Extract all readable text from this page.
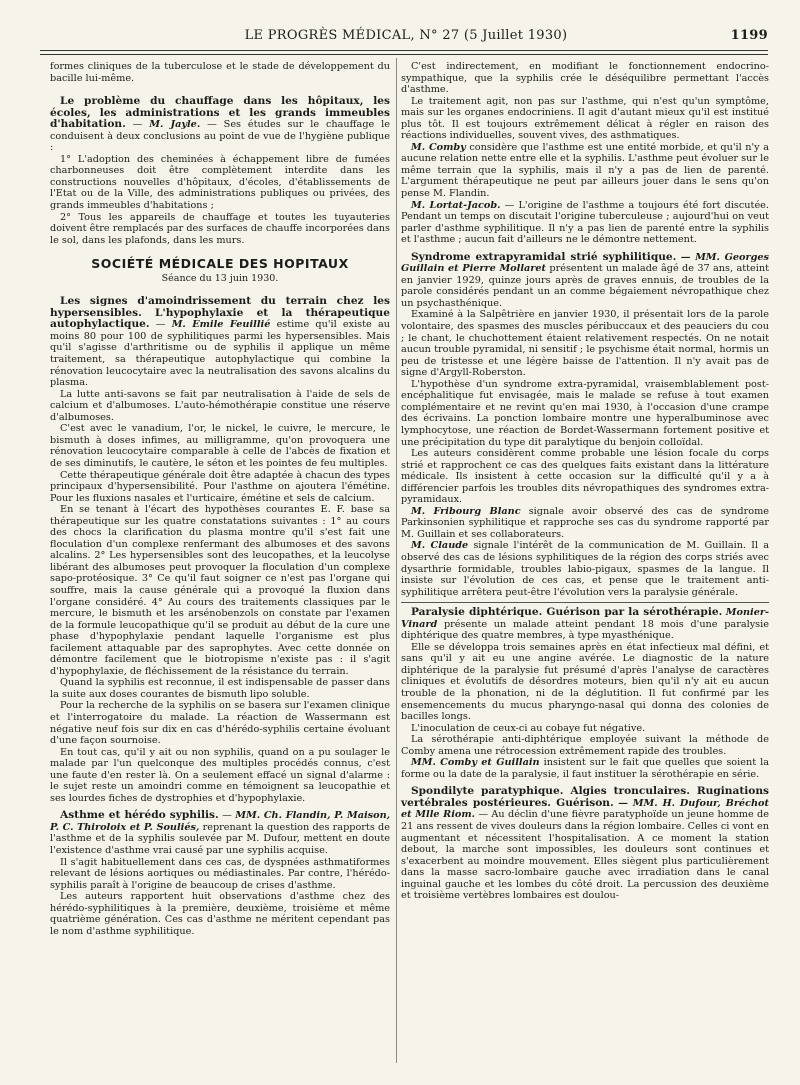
LE PROGRÈS MÉDICAL, N° 27 (5 Juillet 1930)	1199

formes cliniques de la tuberculose et le stade de développement du bacille lui-même.

Le problème du chauffage dans les hôpitaux, les écoles, les administrations et les grands immeubles d'habitation. — M. Jayle. — Ses études sur le chauffage le conduisent à deux conclusions au point de vue de l'hygiène publique :

1° L'adoption des cheminées à échappement libre de fumées charbonneuses doit être complètement interdite dans les constructions nouvelles d'hôpitaux, d'écoles, d'établissements de l'Etat ou de la Ville, des administrations publiques ou privées, des grands immeubles d'habitations ;

2° Tous les appareils de chauffage et toutes les tuyauteries doivent être remplacés par des surfaces de chauffe incorporées dans le sol, dans les plafonds, dans les murs.

SOCIÉTÉ MÉDICALE DES HOPITAUX
Séance du 13 juin 1930.

Les signes d'amoindrissement du terrain chez les hypersensibles. L'hypophylaxie et la thérapeutique autophylactique. — M. Emile Feuillié estime qu'il existe au moins 80 pour 100 de syphilitiques parmi les hypersensibles. Mais qu'il s'agisse d'arthritisme ou de syphilis il applique un même traitement, sa thérapeutique autophylactique qui combine la rénovation leucocytaire avec la neutralisation des savons alcalins du plasma.

La lutte anti-savons se fait par neutralisation à l'aide de sels de calcium et d'albumoses. L'auto-hémothérapie constitue une réserve d'albumoses.

C'est avec le vanadium, l'or, le nickel, le cuivre, le mercure, le bismuth à doses infimes, au milligramme, qu'on provoquera une rénovation leucocytaire comparable à celle de l'abcès de fixation et de ses diminutifs, le cautère, le séton et les pointes de feu multiples.

Cette thérapeutique générale doit être adaptée à chacun des types principaux d'hypersensibilité. Pour l'asthme on ajoutera l'émétine. Pour les fluxions nasales et l'urticaire, émétine et sels de calcium.

En se tenant à l'écart des hypothèses courantes E. F. base sa thérapeutique sur les quatre constatations suivantes : 1° au cours des chocs la clarification du plasma montre qu'il s'est fait une floculation d'un complexe renfermant des albumoses et des savons alcalins. 2° Les hypersensibles sont des leucopathes, et la leucolyse libérant des albumoses peut provoquer la floculation d'un complexe sapo-protéosique. 3° Ce qu'il faut soigner ce n'est pas l'organe qui souffre, mais la cause générale qui a provoqué la fluxion dans l'organe considéré. 4° Au cours des traitements classiques par le mercure, le bismuth et les arsénobenzols on constate par l'examen de la formule leucopathique qu'il se produit au début de la cure une phase d'hypophylaxie pendant laquelle l'organisme est plus facilement attaquable par des saprophytes. Avec cette donnée on démontre facilement que le biotropisme n'existe pas : il s'agit d'hypophylaxie, de fléchissement de la résistance du terrain.

Quand la syphilis est reconnue, il est indispensable de passer dans la suite aux doses courantes de bismuth lipo soluble.

Pour la recherche de la syphilis on se basera sur l'examen clinique et l'interrogatoire du malade. La réaction de Wassermann est négative neuf fois sur dix en cas d'hérédo-syphilis certaine évoluant d'une façon sournoise.

En tout cas, qu'il y ait ou non syphilis, quand on a pu soulager le malade par l'un quelconque des multiples procédés connus, c'est une faute d'en rester là. On a seulement effacé un signal d'alarme : le sujet reste un amoindri comme en témoignent sa leucopathie et ses lourdes fiches de dystrophies et d'hypophylaxie.

Asthme et hérédo syphilis. — MM. Ch. Flandin, P. Maison, P. C. Thiroloix et P. Souliés, reprenant la question des rapports de l'asthme et de la syphilis soulevée par M. Dufour, mettent en doute l'existence d'asthme vrai causé par une syphilis acquise.

Il s'agit habituellement dans ces cas, de dyspnées asthmatiformes relevant de lésions aortiques ou médiastinales. Par contre, l'hérédo-syphilis paraît à l'origine de beaucoup de crises d'asthme.

Les auteurs rapportent huit observations d'asthme chez des hérédo-syphilitiques à la première, deuxième, troisième et même quatrième génération. Ces cas d'asthme ne méritent cependant pas le nom d'asthme syphilitique.

C'est indirectement, en modifiant le fonctionnement endocrino-sympathique, que la syphilis crée le déséquilibre permettant l'accès d'asthme.

Le traitement agit, non pas sur l'asthme, qui n'est qu'un symptôme, mais sur les organes endocriniens. Il agit d'autant mieux qu'il est institué plus tôt. Il est toujours extrêmement délicat à régler en raison des réactions individuelles, souvent vives, des asthmatiques.

M. Comby considère que l'asthme est une entité morbide, et qu'il n'y a aucune relation nette entre elle et la syphilis. L'asthme peut évoluer sur le même terrain que la syphilis, mais il n'y a pas de lien de parenté. L'argument thérapeutique ne peut par ailleurs jouer dans le sens qu'on pense M. Flandin.

M. Lortat-Jacob. — L'origine de l'asthme a toujours été fort discutée. Pendant un temps on discutait l'origine tuberculeuse ; aujourd'hui on veut parler d'asthme syphilitique. Il n'y a pas lien de parenté entre la syphilis et l'asthme ; aucun fait d'ailleurs ne le démontre nettement.

Syndrome extrapyramidal strié syphilitique. — MM. Georges Guillain et Pierre Mollaret présentent un malade âgé de 37 ans, atteint en janvier 1929, quinze jours après de graves ennuis, de troubles de la parole considérés pendant un an comme bégaiement névropathique chez un psychasthénique.

Examiné à la Salpêtrière en janvier 1930, il présentait lors de la parole volontaire, des spasmes des muscles péribuccaux et des peauciers du cou ; le chant, le chuchottement étaient relativement respectés. On ne notait aucun trouble pyramidal, ni sensitif ; le psychisme était normal, hormis un peu de tristesse et une légère baisse de l'attention. Il n'y avait pas de signe d'Argyll-Roberston.

L'hypothèse d'un syndrome extra-pyramidal, vraisemblablement post-encéphalitique fut envisagée, mais le malade se refuse à tout examen complémentaire et ne revint qu'en mai 1930, à l'occasion d'une crampe des écrivains. La ponction lombaire montre une hyperalbuminose avec lymphocytose, une réaction de Bordet-Wassermann fortement positive et une précipitation du type dit paralytique du benjoin colloïdal.

Les auteurs considèrent comme probable une lésion focale du corps strié et rapprochent ce cas des quelques faits existant dans la littérature médicale. Ils insistent à cette occasion sur la difficulté qu'il y a à différencier parfois les troubles dits névropathiques des syndromes extra-pyramidaux.

M. Fribourg Blanc signale avoir observé des cas de syndrome Parkinsonien syphilitique et rapproche ses cas du syndrome rapporté par M. Guillain et ses collaborateurs.

M. Claude signale l'intérêt de la communication de M. Guillain. Il a observé des cas de lésions syphilitiques de la région des corps striés avec dysarthrie formidable, troubles labio-pigaux, spasmes de la langue. Il insiste sur l'évolution de ces cas, et pense que le traitement anti-syphilitique arrêtera peut-être l'évolution vers la paralysie générale.

Paralysie diphtérique. Guérison par la sérothérapie. Monier-Vinard présente un malade atteint pendant 18 mois d'une paralysie diphtérique des quatre membres, à type myasthénique.

Elle se développa trois semaines après en état infectieux mal défini, et sans qu'il y ait eu une angine avérée. Le diagnostic de la nature diphtérique de la paralysie fut présumé d'après l'analyse de caractères cliniques et évolutifs de désordres moteurs, bien qu'il n'y ait eu aucun trouble de la phonation, ni de la déglutition. Il fut confirmé par les ensemencements du mucus pharyngo-nasal qui donna des colonies de bacilles longs.

L'inoculation de ceux-ci au cobaye fut négative.

La sérothérapie anti-diphtérique employée suivant la méthode de Comby amena une rétrocession extrêmement rapide des troubles.

MM. Comby et Guillain insistent sur le fait que quelles que soient la forme ou la date de la paralysie, il faut instituer la sérothérapie en série.

Spondilyte paratyphique. Algies tronculaires. Ruginations vertébrales postérieures. Guérison. — MM. H. Dufour, Bréchot et Mlle Riom. — Au déclin d'une fièvre paratyphoïde un jeune homme de 21 ans ressent de vives douleurs dans la région lombaire. Celles ci vont en augmentant et nécessitent l'hospitalisation. A ce moment la station debout, la marche sont impossibles, les douleurs sont continues et s'exacerbent au moindre mouvement. Elles siègent plus particulièrement dans la masse sacro-lombaire gauche avec irradiation dans le canal inguinal gauche et les lombes du côté droit. La percussion des deuxième et troisième vertèbres lombaires est doulou-
